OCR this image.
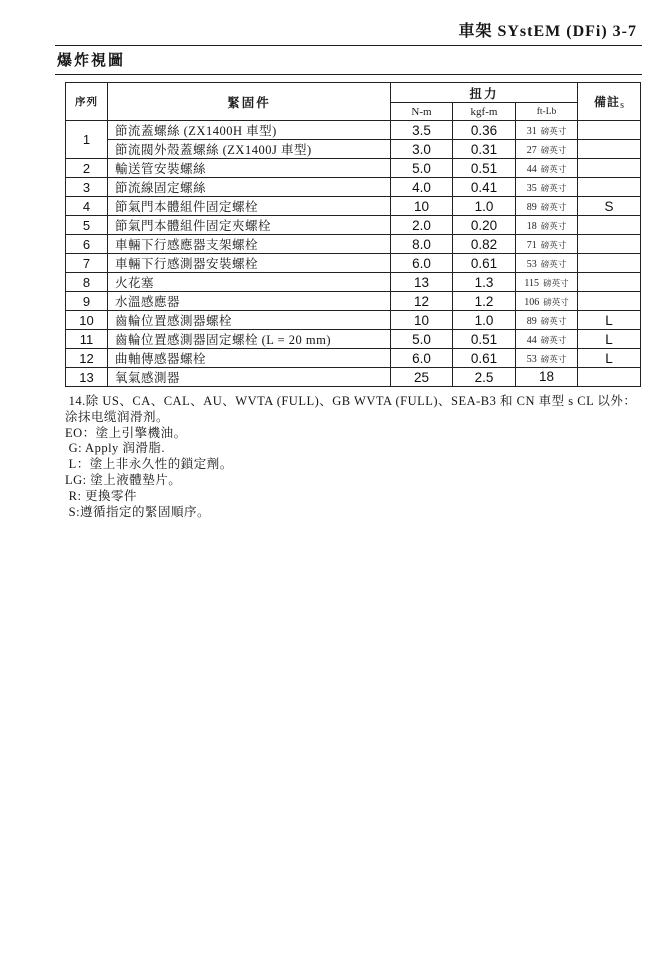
車架 SYstEM (DFi) 3-7
爆炸視圖
序列	緊固件	扭力			備註s
		N-m	kgf-m	ft-Lb	
1	節流蓋螺絲 (ZX1400H 車型)	3.5	0.36	31 磅英寸	
	節流閥外殼蓋螺絲 (ZX1400J 車型)	3.0	0.31	27 磅英寸	
2	輸送管安裝螺絲	5.0	0.51	44 磅英寸	
3	節流線固定螺絲	4.0	0.41	35 磅英寸	
4	節氣門本體組件固定螺栓	10	1.0	89 磅英寸	S
5	節氣門本體組件固定夾螺栓	2.0	0.20	18 磅英寸	
6	車輛下行感應器支架螺栓	8.0	0.82	71 磅英寸	
7	車輛下行感測器安裝螺栓	6.0	0.61	53 磅英寸	
8	火花塞	13	1.3	115 磅英寸	
9	水溫感應器	12	1.2	106 磅英寸	
10	齒輪位置感測器螺栓	10	1.0	89 磅英寸	L
11	齒輪位置感測器固定螺栓 (L = 20 mm)	5.0	0.51	44 磅英寸	L
12	曲軸傳感器螺栓	6.0	0.61	53 磅英寸	L
13	氧氣感測器	25	2.5	18	
14.除 US、CA、CAL、AU、WVTA (FULL)、GB WVTA (FULL)、SEA-B3 和 CN 車型 s CL 以外：
涂抹电缆润滑剂。
EO：塗上引擎機油。
G: Apply 润滑脂.
L：塗上非永久性的鎖定劑。
LG: 塗上液體墊片。
R: 更換零件
S:遵循指定的緊固順序。
